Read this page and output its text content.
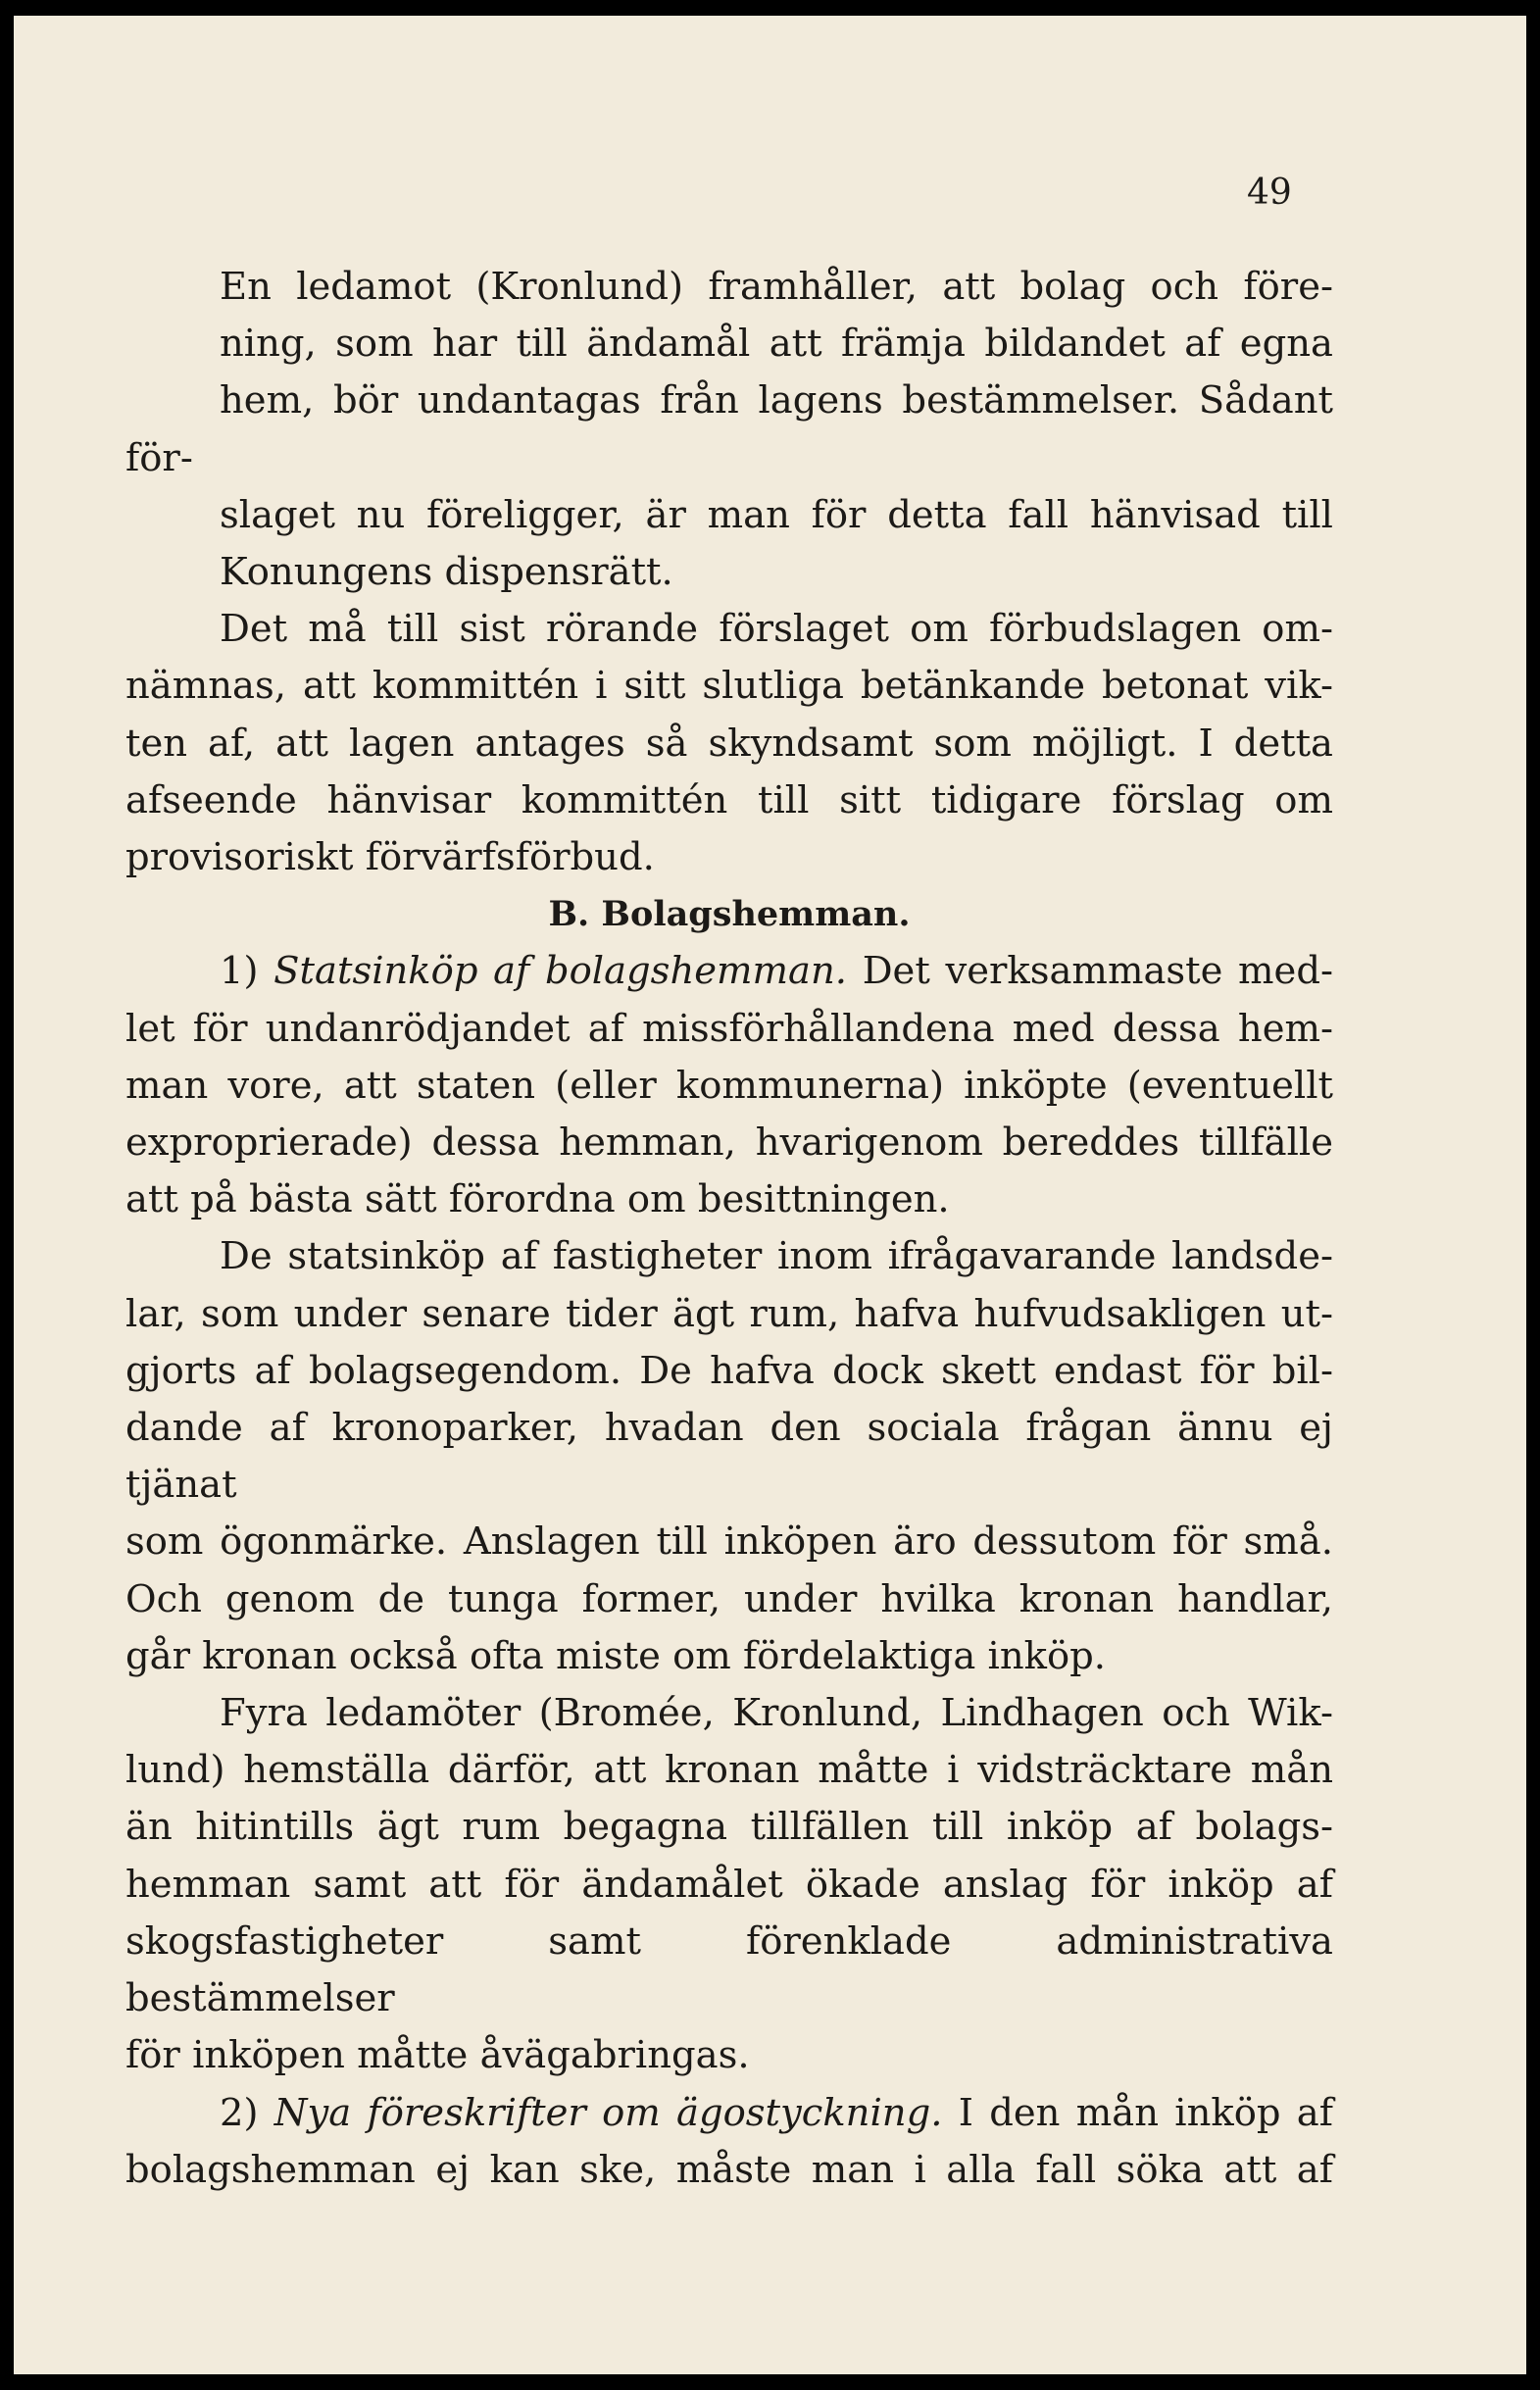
49

En ledamot (Kronlund) framhåller, att bolag och före-
ning, som har till ändamål att främja bildandet af egna
hem, bör undantagas från lagens bestämmelser. Sådant för-
slaget nu föreligger, är man för detta fall hänvisad till
Konungens dispensrätt.

Det må till sist rörande förslaget om förbudslagen om-
nämnas, att kommittén i sitt slutliga betänkande betonat vik-
ten af, att lagen antages så skyndsamt som möjligt. I detta
afseende hänvisar kommittén till sitt tidigare förslag om
provisoriskt förvärfsförbud.

B. Bolagshemman.

1) Statsinköp af bolagshemman. Det verksammaste med-
let för undanrödjandet af missförhållandena med dessa hem-
man vore, att staten (eller kommunerna) inköpte (eventuellt
exproprierade) dessa hemman, hvarigenom bereddes tillfälle
att på bästa sätt förordna om besittningen.

De statsinköp af fastigheter inom ifrågavarande landsde-
lar, som under senare tider ägt rum, hafva hufvudsakligen ut-
gjorts af bolagsegendom. De hafva dock skett endast för bil-
dande af kronoparker, hvadan den sociala frågan ännu ej tjänat
som ögonmärke. Anslagen till inköpen äro dessutom för små.
Och genom de tunga former, under hvilka kronan handlar,
går kronan också ofta miste om fördelaktiga inköp.

Fyra ledamöter (Bromée, Kronlund, Lindhagen och Wik-
lund) hemställa därför, att kronan måtte i vidsträcktare mån
än hitintills ägt rum begagna tillfällen till inköp af bolags-
hemman samt att för ändamålet ökade anslag för inköp af
skogsfastigheter samt förenklade administrativa bestämmelser
för inköpen måtte åvägabringas.

2) Nya föreskrifter om ägostyckning. I den mån inköp af
bolagshemman ej kan ske, måste man i alla fall söka att af
